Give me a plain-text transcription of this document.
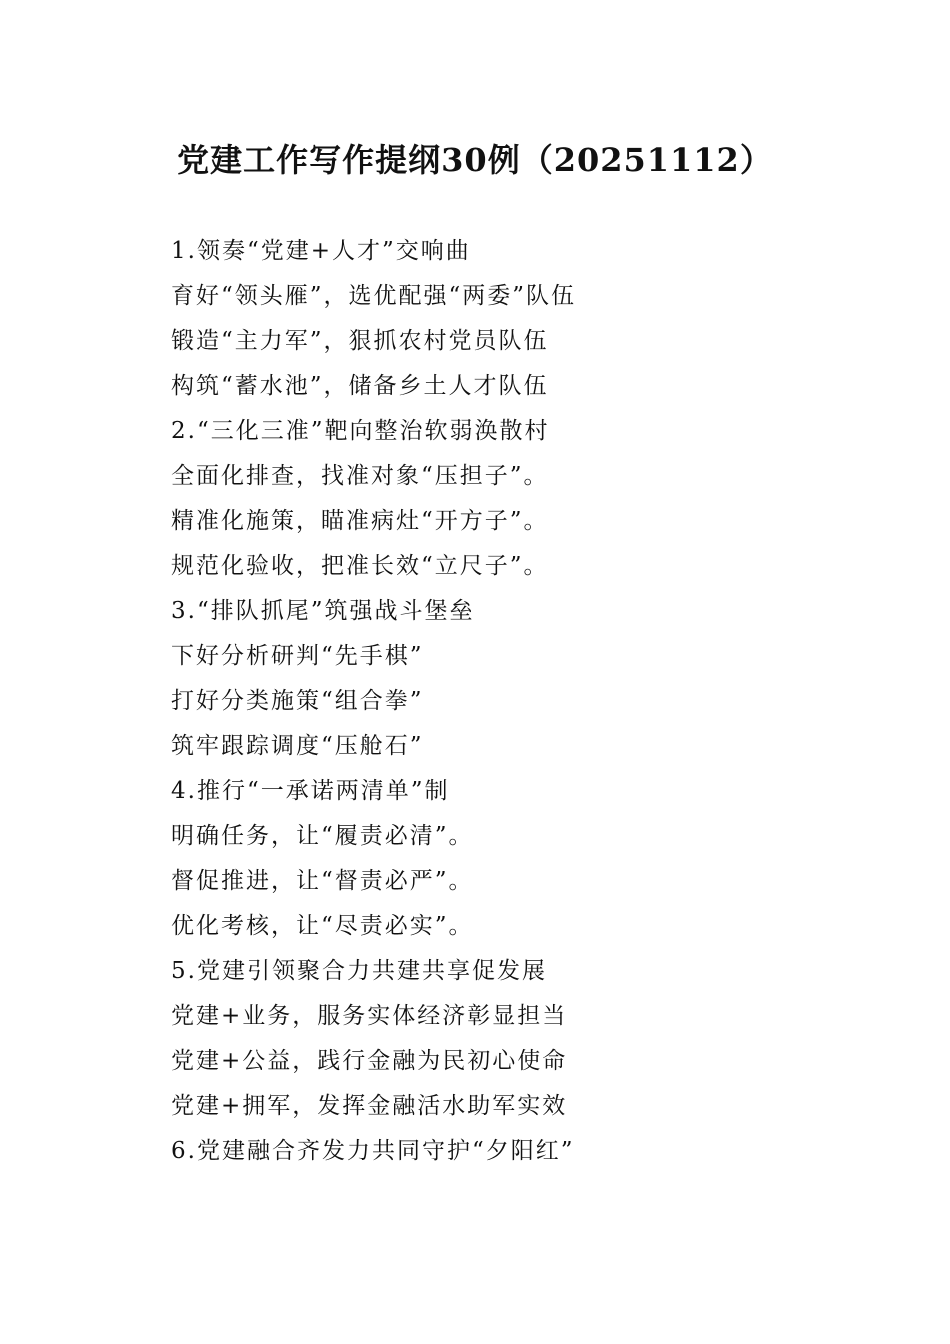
党建工作写作提纲30例（20251112）

1.领奏“党建+人才”交响曲

育好“领头雁”，选优配强“两委”队伍

锻造“主力军”，狠抓农村党员队伍

构筑“蓄水池”，储备乡土人才队伍

2.“三化三准”靶向整治软弱涣散村

全面化排查，找准对象“压担子”。

精准化施策，瞄准病灶“开方子”。

规范化验收，把准长效“立尺子”。

3.“排队抓尾”筑强战斗堡垒

下好分析研判“先手棋”

打好分类施策“组合拳”

筑牢跟踪调度“压舱石”

4.推行“一承诺两清单”制

明确任务，让“履责必清”。

督促推进，让“督责必严”。

优化考核，让“尽责必实”。

5.党建引领聚合力共建共享促发展

党建+业务，服务实体经济彰显担当

党建+公益，践行金融为民初心使命

党建+拥军，发挥金融活水助军实效

6.党建融合齐发力共同守护“夕阳红”
